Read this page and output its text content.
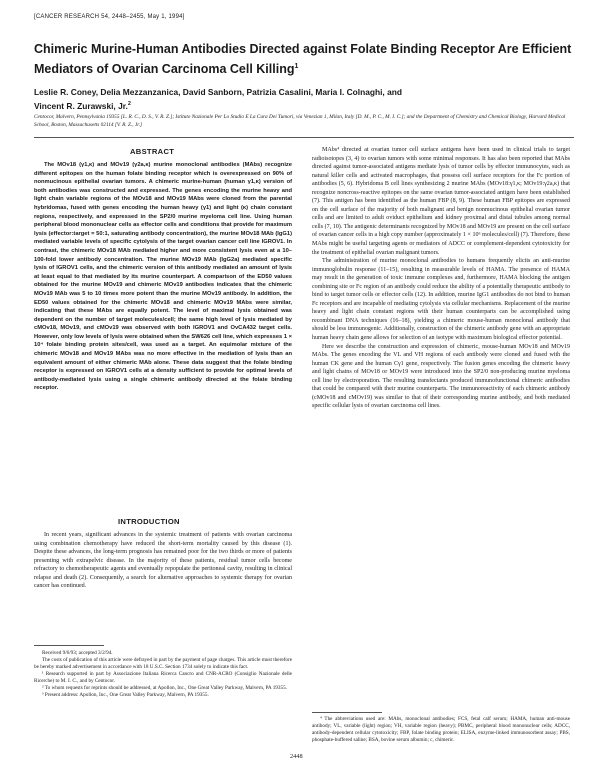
[CANCER RESEARCH 54, 2448–2455, May 1, 1994]
Chimeric Murine-Human Antibodies Directed against Folate Binding Receptor Are Efficient Mediators of Ovarian Carcinoma Cell Killing$^1$
Leslie R. Coney, Delia Mezzanzanica, David Sanborn, Patrizia Casalini, Maria I. Colnaghi, and
Vincent R. Zurawski, Jr.$^2$

Centocor, Malvern, Pennsylvania 19355 [L. R. C., D. S., V. R. Z.]; Istituto Nazionale Per Lo Studio E La Cura Dei Tumori, via Venezian 1, Milan, Italy [D. M., P. C., M. I. C.]; and the Department of Chemistry and Chemical Biology, Harvard Medical School, Boston, Massachusetts 02114 [V. R. Z., Jr.]

ABSTRACT

The MOv18 (γ1,κ) and MOv19 (γ2a,κ) murine monoclonal antibodies (MAbs) recognize different epitopes on the human folate binding receptor which is overexpressed on 90% of nonmucinous epithelial ovarian tumors. A chimeric murine-human (human γ1,κ) version of both antibodies was constructed and expressed. The genes encoding the murine heavy and light chain variable regions of the MOv18 and MOv19 MAbs were cloned from the parental hybridomas, fused with genes encoding the human heavy (γ1) and light (κ) chain constant regions, respectively, and expressed in the SP2/0 murine myeloma cell line. Using human peripheral blood mononuclear cells as effector cells and conditions that provide for maximum lysis (effector:target = 50:1, saturating antibody concentration), the murine MOv18 MAb (IgG1) mediated variable levels of specific cytolysis of the target ovarian cancer cell line IGROV1. In contrast, the chimeric MOv18 MAb mediated higher and more consistent lysis even at a 10–100-fold lower antibody concentration. The murine MOv19 MAb (IgG2a) mediated specific lysis of IGROV1 cells, and the chimeric version of this antibody mediated an amount of lysis at least equal to that mediated by its murine counterpart. A comparison of the ED50 values obtained for the murine MOv19 and chimeric MOv19 antibodies indicates that the chimeric MOv19 MAb was 5 to 10 times more potent than the murine MOv19 antibody. In addition, the ED50 values obtained for the chimeric MOv18 and chimeric MOv19 MAbs were similar, indicating that these MAbs are equally potent. The level of maximal lysis obtained was dependent on the number of target molecules/cell; the same high level of lysis mediated by cMOv18, MOv19, and cMOv19 was observed with both IGROV1 and OvCA432 target cells. However, only low levels of lysis were obtained when the SW626 cell line, which expresses 1 × 10⁴ folate binding protein sites/cell, was used as a target. An equimolar mixture of the chimeric MOv18 and MOv19 MAbs was no more effective in the mediation of lysis than an equivalent amount of either chimeric MAb alone. These data suggest that the folate binding receptor is expressed on IGROV1 cells at a density sufficient to provide for optimal levels of antibody-mediated lysis using a single chimeric antibody directed at the folate binding receptor.

INTRODUCTION

In recent years, significant advances in the systemic treatment of patients with ovarian carcinoma using combination chemotherapy have reduced the short-term mortality caused by this disease (1). Despite these advances, the long-term prognosis has remained poor for the two thirds or more of patients presenting with extrapelvic disease. In the majority of these patients, residual tumor cells become refractory to chemotherapeutic agents and eventually repopulate the peritoneal cavity, resulting in clinical relapse and death (2). Consequently, a search for alternative approaches to systemic therapy for ovarian cancer has continued.

Received 9/6/93; accepted 3/2/94.

The costs of publication of this article were defrayed in part by the payment of page charges. This article must therefore be hereby marked advertisement in accordance with 18 U.S.C. Section 1734 solely to indicate this fact.

¹ Research supported in part by Associazione Italiana Ricerca Cancro and CNR-ACRO (Consiglio Nazionale delle Ricerche) to M. I. C., and by Centocor.

² To whom requests for reprints should be addressed, at Apollon, Inc., One Great Valley Parkway, Malvern, PA 19355.

³ Present address: Apollon, Inc., One Great Valley Parkway, Malvern, PA 19355.

MAbs⁴ directed at ovarian tumor cell surface antigens have been used in clinical trials to target radioisotopes (3, 4) to ovarian tumors with some minimal responses. It has also been reported that MAbs directed against tumor-associated antigens mediate lysis of tumor cells by effector immunocytes, such as natural killer cells and activated macrophages, that possess cell surface receptors for the Fc portion of antibodies (5, 6). Hybridoma B cell lines synthesizing 2 murine MAbs (MOv18:γ1,κ; MOv19:γ2a,κ) that recognize noncross-reactive epitopes on the same ovarian tumor-associated antigen have been established (7). This antigen has been identified as the human FBP (8, 9). These human FBP epitopes are expressed on the cell surface of the majority of both malignant and benign nonmucinous epithelial ovarian tumor cells and are limited to adult oviduct epithelium and kidney proximal and distal tubules among normal cells (7, 10). The antigenic determinants recognized by MOv18 and MOv19 are present on the cell surface of ovarian cancer cells in a high copy number (approximately 1 × 10⁶ molecules/cell) (7). Therefore, these MAbs might be useful targeting agents or mediators of ADCC or complement-dependent cytotoxicity for the treatment of epithelial ovarian malignant tumors.

The administration of murine monoclonal antibodies to humans frequently elicits an anti-murine immunoglobulin response (11–15), resulting in measurable levels of HAMA. The presence of HAMA may result in the generation of toxic immune complexes and, furthermore, HAMA blocking the antigen combining site or Fc region of an antibody could reduce the ability of a potentially therapeutic antibody to bind to target tumor cells or effector cells (12). In addition, murine IgG1 antibodies do not bind to human Fc receptors and are incapable of mediating cytolysis via cellular mechanisms. Replacement of the murine heavy and light chain constant regions with their human counterparts can be accomplished using recombinant DNA techniques (16–18), yielding a chimeric mouse-human monoclonal antibody that should be less immunogenic. Additionally, construction of the chimeric antibody gene with an appropriate human heavy chain gene allows for selection of an isotype with maximum biological effector potential.

Here we describe the construction and expression of chimeric, mouse-human MOv18 and MOv19 MAbs. The genes encoding the VL and VH regions of each antibody were cloned and fused with the human CK gene and the human Cγ1 gene, respectively. The fusion genes encoding the chimeric heavy and light chains of MOv18 or MOv19 were introduced into the SP2/0 non-producing murine myeloma cell line by electroporation. The resulting transfectants produced immunofunctional chimeric antibodies that could be compared with their murine counterparts. The immunoreactivity of each chimeric antibody (cMOv18 and cMOv19) was similar to that of their corresponding murine antibody, and both mediated specific cellular lysis of ovarian carcinoma cell lines.

⁴ The abbreviations used are: MAbs, monoclonal antibodies; FCS, fetal calf serum; HAMA, human anti-mouse antibody; VL, variable (light) region; VH, variable region (heavy); PBMC, peripheral blood mononuclear cells; ADCC, antibody-dependent cellular cytotoxicity; FBP, folate binding protein; ELISA, enzyme-linked immunosorbent assay; PBS, phosphate-buffered saline; BSA, bovine serum albumin; c, chimeric.

2448
